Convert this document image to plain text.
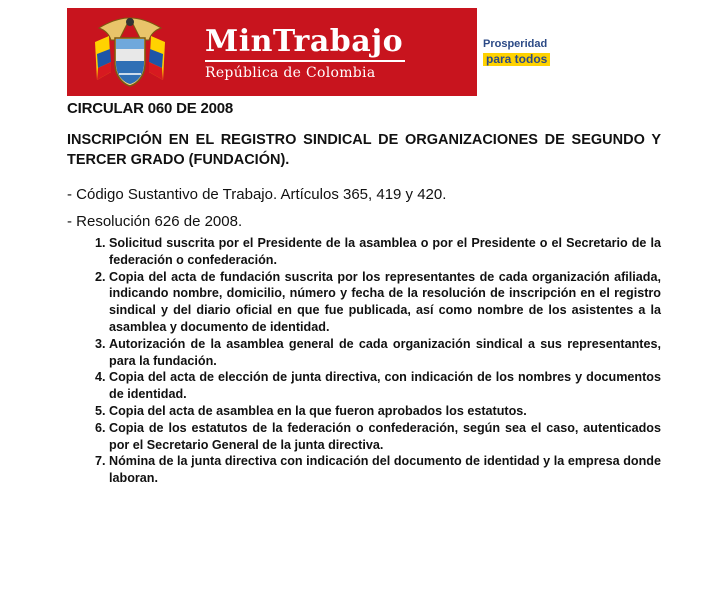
MinTrabajo
República de Colombia
Prosperidad
para todos

CIRCULAR 060 DE 2008

INSCRIPCIÓN EN EL REGISTRO SINDICAL DE ORGANIZACIONES DE SEGUNDO Y TERCER GRADO (FUNDACIÓN).

- Código Sustantivo de Trabajo. Artículos 365, 419 y 420.

- Resolución 626 de 2008.

1. Solicitud suscrita por el Presidente de la asamblea o por el Presidente o el Secretario de la federación o confederación.
2. Copia del acta de fundación suscrita por los representantes de cada organización afiliada, indicando nombre, domicilio, número y fecha de la resolución de inscripción en el registro sindical y del diario oficial en que fue publicada, así como nombre de los asistentes a la asamblea y documento de identidad.
3. Autorización de la asamblea general de cada organización sindical a sus representantes, para la fundación.
4. Copia del acta de elección de junta directiva, con indicación de los nombres y documentos de identidad.
5. Copia del acta de asamblea en la que fueron aprobados los estatutos.
6. Copia de los estatutos de la federación o confederación, según sea el caso, autenticados por el Secretario General de la junta directiva.
7. Nómina de la junta directiva con indicación del documento de identidad y la empresa donde laboran.
